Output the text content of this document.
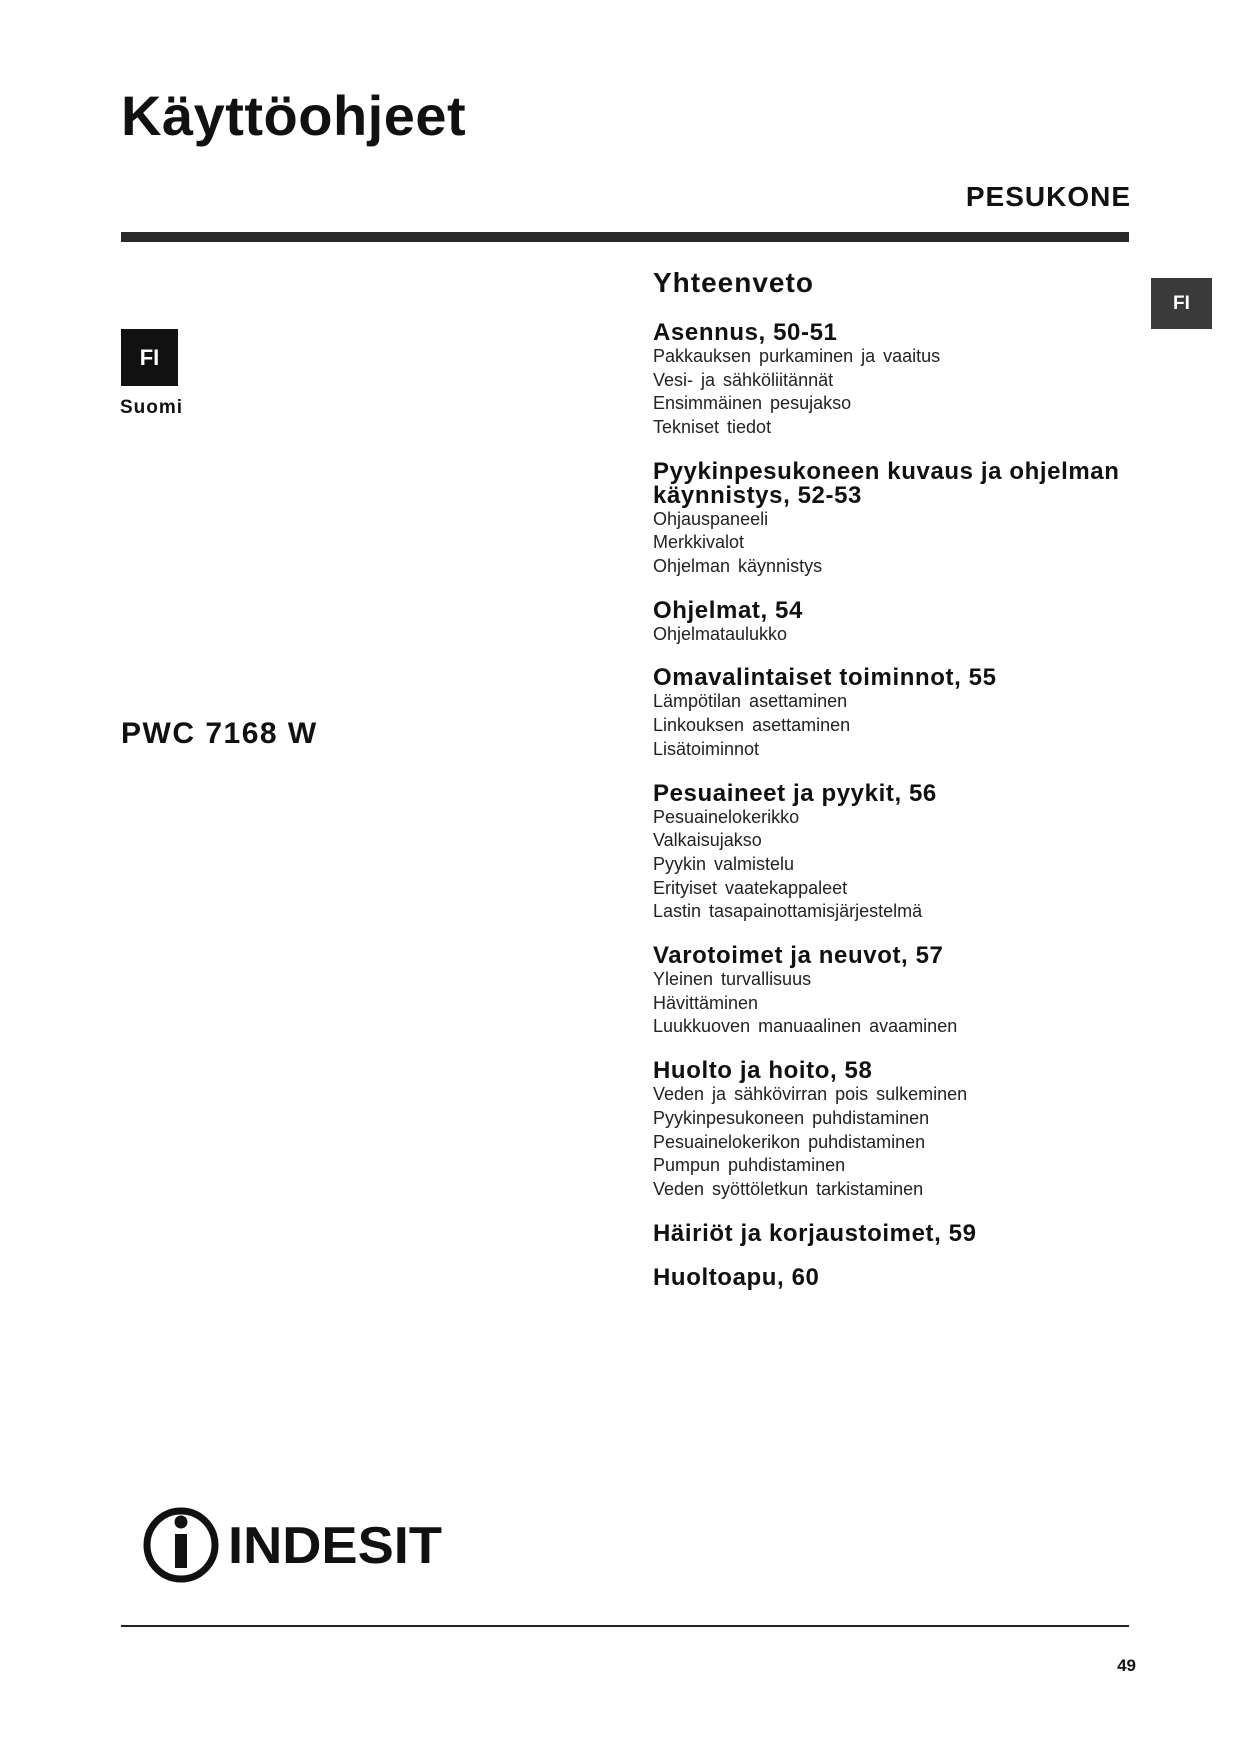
Käyttöohjeet
PESUKONE
FI
FI
Suomi
PWC 7168 W
Yhteenveto
Asennus, 50-51
Pakkauksen purkaminen ja vaaitus
Vesi- ja sähköliitännät
Ensimmäinen pesujakso
Tekniset tiedot
Pyykinpesukoneen kuvaus ja ohjelman käynnistys, 52-53
Ohjauspaneeli
Merkkivalot
Ohjelman käynnistys
Ohjelmat, 54
Ohjelmataulukko
Omavalintaiset toiminnot, 55
Lämpötilan asettaminen
Linkouksen asettaminen
Lisätoiminnot
Pesuaineet ja pyykit, 56
Pesuainelokerikko
Valkaisujakso
Pyykin valmistelu
Erityiset vaatekappaleet
Lastin tasapainottamisjärjestelmä
Varotoimet ja neuvot, 57
Yleinen turvallisuus
Hävittäminen
Luukkuoven manuaalinen avaaminen
Huolto ja hoito, 58
Veden ja sähkövirran pois sulkeminen
Pyykinpesukoneen puhdistaminen
Pesuainelokerikon puhdistaminen
Pumpun puhdistaminen
Veden syöttöletkun tarkistaminen
Häiriöt ja korjaustoimet, 59
Huoltoapu, 60
INDESIT
49
